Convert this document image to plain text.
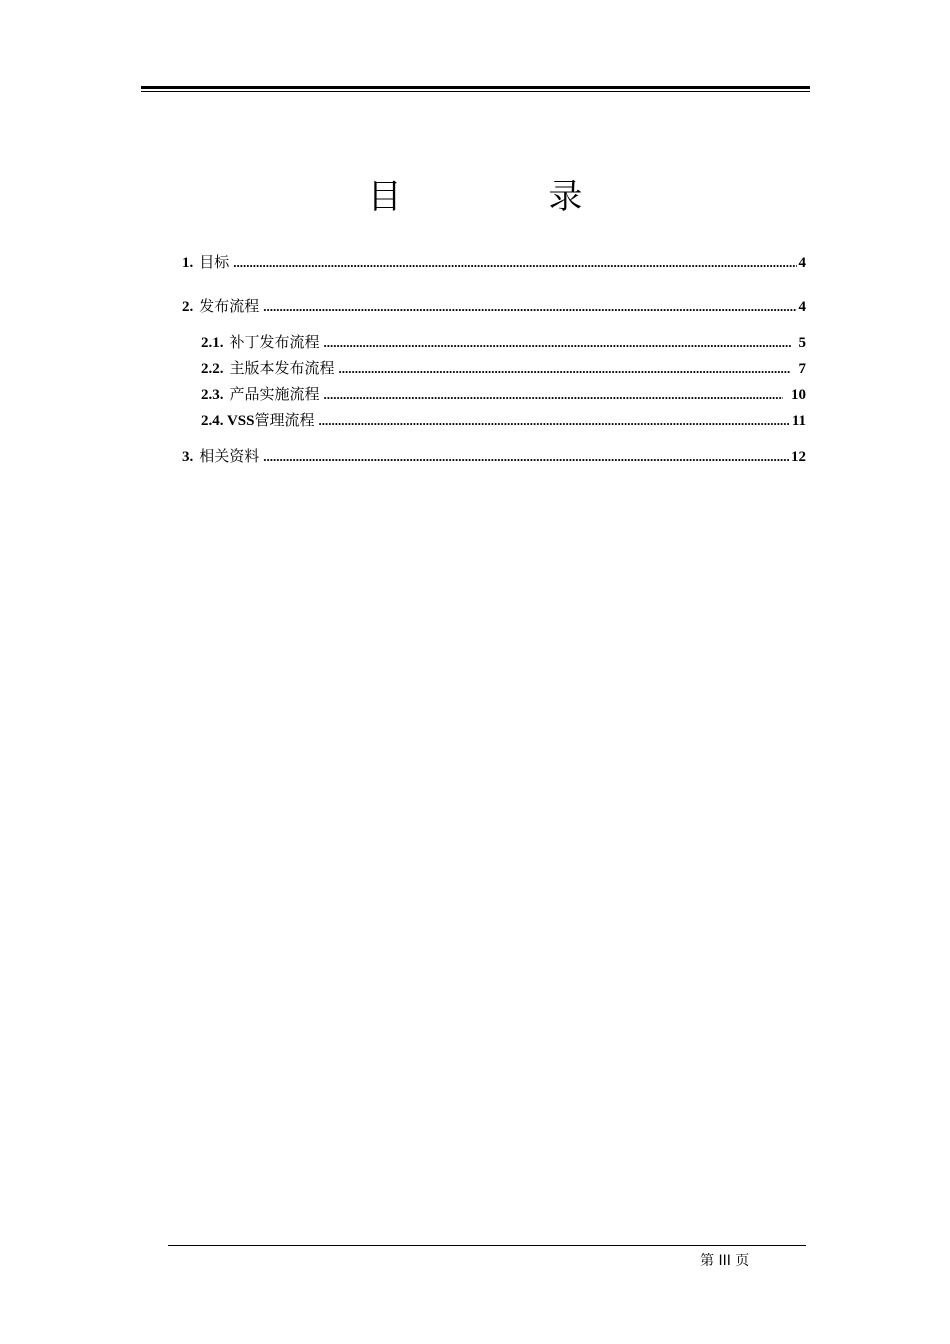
目 录
1. 目标 .....	4
2. 发布流程 .....	4
2.1. 补丁发布流程 .....	5
2.2. 主版本发布流程 .....	7
2.3. 产品实施流程 .....	10
2.4. VSS 管理流程 .....	11
3. 相关资料 .....	12
第 III 页
